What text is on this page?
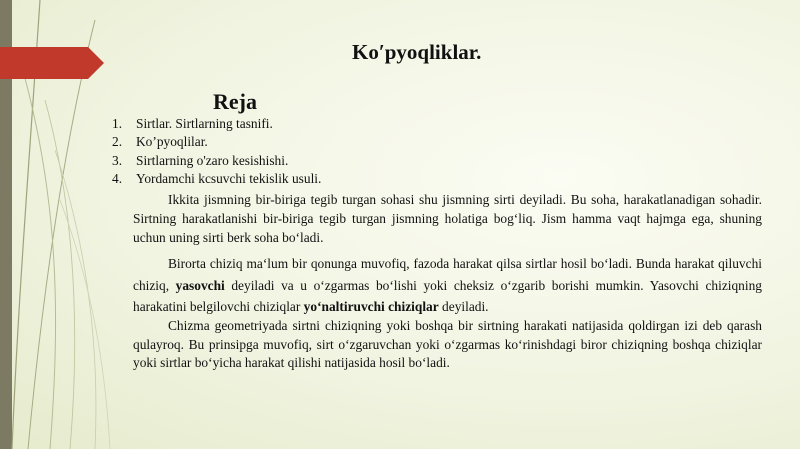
Ko′pyoqliklar.
Reja
1. Sirtlar. Sirtlarning tasnifi.
2. Ko’pyoqlilar.
3. Sirtlarning o'zaro kesishishi.
4. Yordamchi kcsuvchi tekislik usuli.

Ikkita jismning bir-biriga tegib turgan sohasi shu jismning sirti deyiladi. Bu soha, harakatlanadigan sohadir. Sirtning harakatlanishi bir-biriga tegib turgan jismning holatiga bog‘liq. Jism hamma vaqt hajmga ega, shuning uchun uning sirti berk soha bo‘ladi.

Birorta chiziq ma‘lum bir qonunga muvofiq, fazoda harakat qilsa sirtlar hosil bo‘ladi. Bunda harakat qiluvchi chiziq, yasovchi deyiladi va u o‘zgarmas bo‘lishi yoki cheksiz o‘zgarib borishi mumkin. Yasovchi chiziqning harakatini belgilovchi chiziqlar yo‘naltiruvchi chiziqlar deyiladi.

Chizma geometriyada sirtni chiziqning yoki boshqa bir sirtning harakati natijasida qoldirgan izi deb qarash qulayroq. Bu prinsipga muvofiq, sirt o‘zgaruvchan yoki o‘zgarmas ko‘rinishdagi biror chiziqning boshqa chiziqlar yoki sirtlar bo‘yicha harakat qilishi natijasida hosil bo‘ladi.
